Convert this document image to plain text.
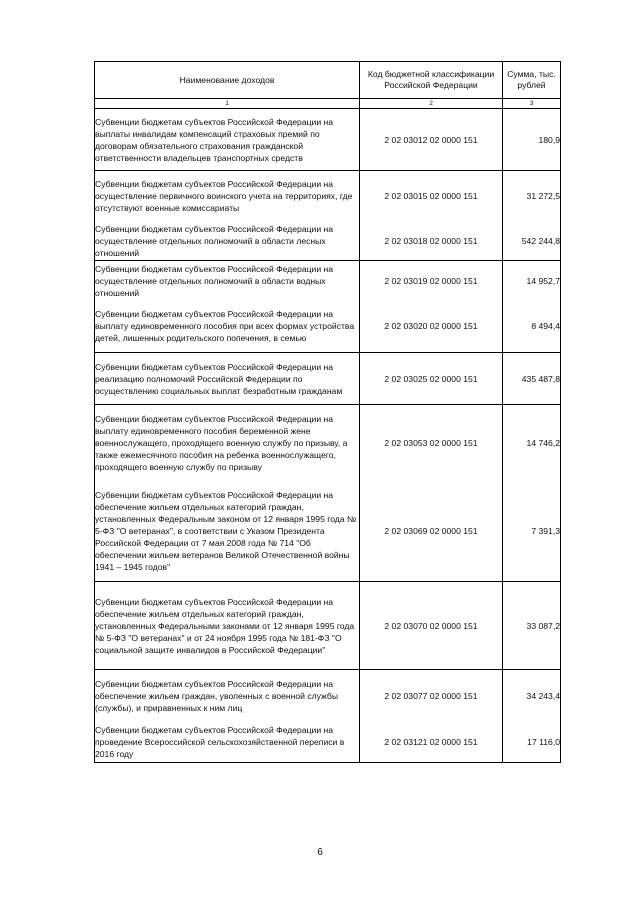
Наименование доходов	Код бюджетной классификации Российской Федерации	Сумма, тыс. рублей
1	2	3
Субвенции бюджетам субъектов Российской Федерации на выплаты инвалидам компенсаций страховых премий по договорам обязательного страхования гражданской ответственности владельцев транспортных средств	2 02 03012 02 0000 151	180,9
Субвенции бюджетам субъектов Российской Федерации на осуществление первичного воинского учета на территориях, где отсутствуют военные комиссариаты	2 02 03015 02 0000 151	31 272,5
Субвенции бюджетам субъектов Российской Федерации на осуществление отдельных полномочий в области лесных отношений	2 02 03018 02 0000 151	542 244,8
Субвенции бюджетам субъектов Российской Федерации на осуществление отдельных полномочий в области водных отношений	2 02 03019 02 0000 151	14 952,7
Субвенции бюджетам субъектов Российской Федерации на выплату единовременного пособия при всех формах устройства детей, лишенных родительского попечения, в семью	2 02 03020 02 0000 151	8 494,4
Субвенции бюджетам субъектов Российской Федерации на реализацию полномочий Российской Федерации по осуществлению социальных выплат безработным гражданам	2 02 03025 02 0000 151	435 487,8
Субвенции бюджетам субъектов Российской Федерации на выплату единовременного пособия беременной жене военнослужащего, проходящего военную службу по призыву, а также ежемесячного пособия на ребенка военнослужащего, проходящего военную службу по призыву	2 02 03053 02 0000 151	14 746,2
Субвенции бюджетам субъектов Российской Федерации на обеспечение жильем отдельных категорий граждан, установленных Федеральным законом от 12 января 1995 года № 5-ФЗ "О ветеранах", в соответствии с Указом Президента Российской Федерации от 7 мая 2008 года № 714 "Об обеспечении жильем ветеранов Великой Отечественной войны 1941 – 1945 годов"	2 02 03069 02 0000 151	7 391,3
Субвенции бюджетам субъектов Российской Федерации на обеспечение жильем отдельных категорий граждан, установленных Федеральными законами от 12 января 1995 года № 5-ФЗ "О ветеранах" и от 24 ноября 1995 года № 181-ФЗ "О социальной защите инвалидов в Российской Федерации"	2 02 03070 02 0000 151	33 087,2
Субвенции бюджетам субъектов Российской Федерации на обеспечение жильем граждан, уволенных с военной службы (службы), и приравненных к ним лиц	2 02 03077 02 0000 151	34 243,4
Субвенции бюджетам субъектов Российской Федерации на проведение Всероссийской сельскохозяйственной переписи в 2016 году	2 02 03121 02 0000 151	17 116,0
6
